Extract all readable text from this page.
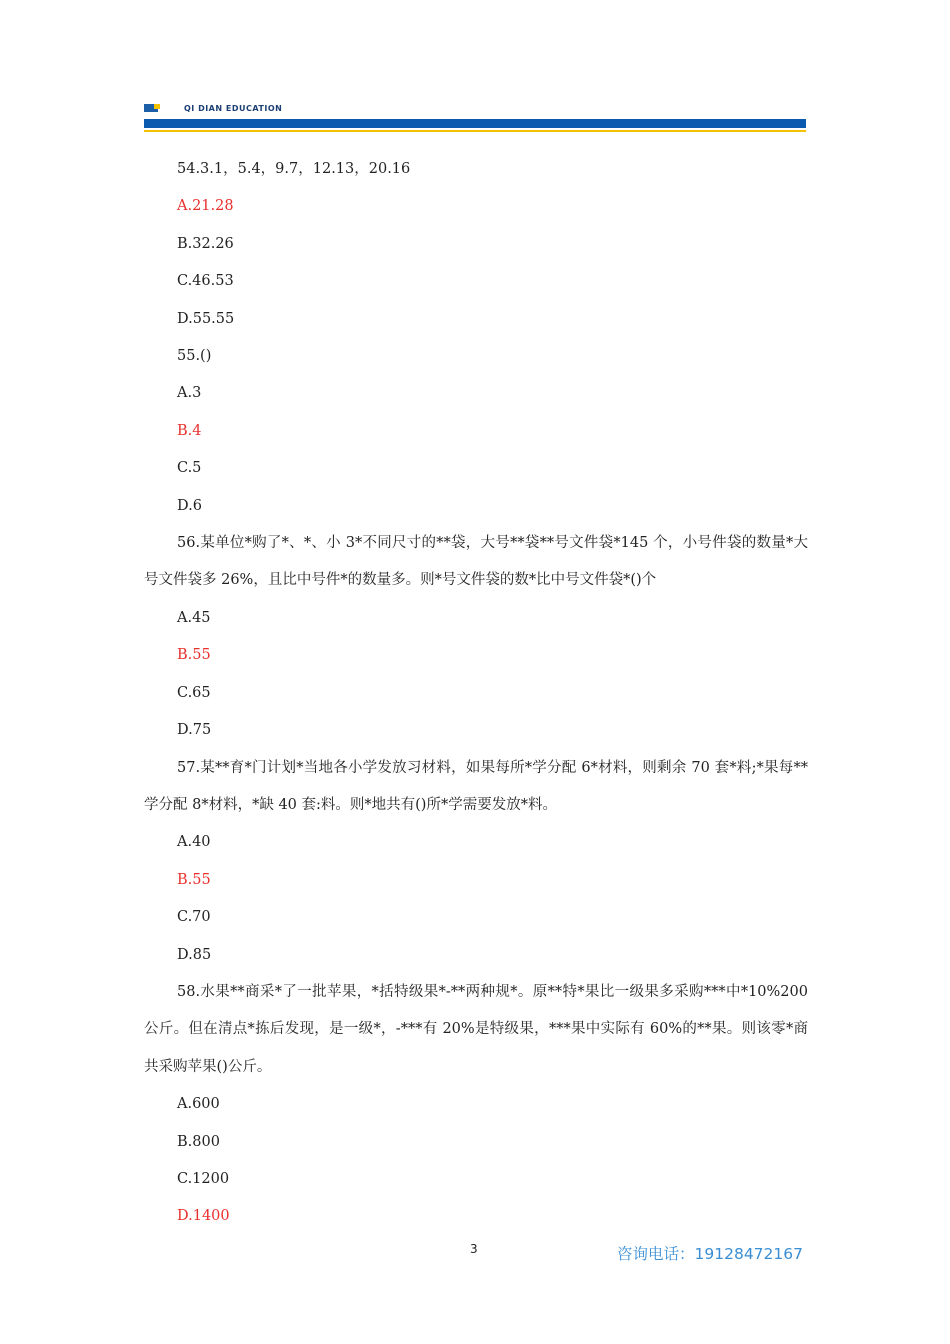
QI DIAN EDUCATION
54.3.1，5.4，9.7，12.13，20.16
A.21.28
B.32.26
C.46.53
D.55.55
55.()
A.3
B.4
C.5
D.6
56.某单位*购了*、*、小 3*不同尺寸的**袋，大号**袋**号文件袋*145 个，小号件袋的数量*大号文件袋多 26%，且比中号件*的数量多。则*号文件袋的数*比中号文件袋*()个
A.45
B.55
C.65
D.75
57.某**育*门计划*当地各小学发放习材料，如果每所*学分配 6*材料，则剩余 70 套*料;*果每**学分配 8*材料，*缺 40 套:料。则*地共有()所*学需要发放*料。
A.40
B.55
C.70
D.85
58.水果**商采*了一批苹果，*括特级果*-**两种规*。原**特*果比一级果多采购***中*10%200 公斤。但在清点*拣后发现，是一级*，-***有 20%是特级果，***果中实际有 60%的**果。则该零*商共采购苹果()公斤。
A.600
B.800
C.1200
D.1400
3	咨询电话：19128472167
